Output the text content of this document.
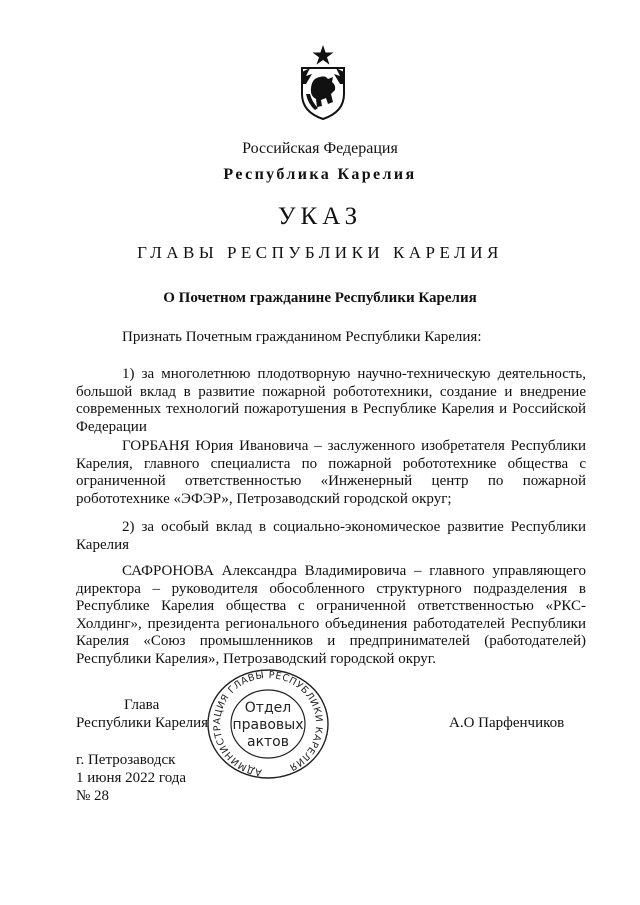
Российская Федерация
Республика Карелия
УКАЗ
ГЛАВЫ РЕСПУБЛИКИ КАРЕЛИЯ
О Почетном гражданине Республики Карелия

Признать Почетным гражданином Республики Карелия:

1) за многолетнюю плодотворную научно-техническую деятельность, большой вклад в развитие пожарной робототехники, создание и внедрение современных технологий пожаротушения в Республике Карелия и Российской Федерации

ГОРБАНЯ Юрия Ивановича – заслуженного изобретателя Республики Карелия, главного специалиста по пожарной робототехнике общества с ограниченной ответственностью «Инженерный центр по пожарной робототехнике «ЭФЭР», Петрозаводский городской округ;

2) за особый вклад в социально-экономическое развитие Республики Карелия

САФРОНОВА Александра Владимировича – главного управляющего директора – руководителя обособленного структурного подразделения в Республике Карелия общества с ограниченной ответственностью «РКС-Холдинг», президента регионального объединения работодателей Республики Карелия «Союз промышленников и предпринимателей (работодателей) Республики Карелия», Петрозаводский городской округ.

Глава
Республики Карелия	А.О Парфенчиков
АДМИНИСТРАЦИЯ ГЛАВЫ РЕСПУБЛИКИ КАРЕЛИЯ
Отдел
правовых
актов
г. Петрозаводск
1 июня 2022 года
№ 28
